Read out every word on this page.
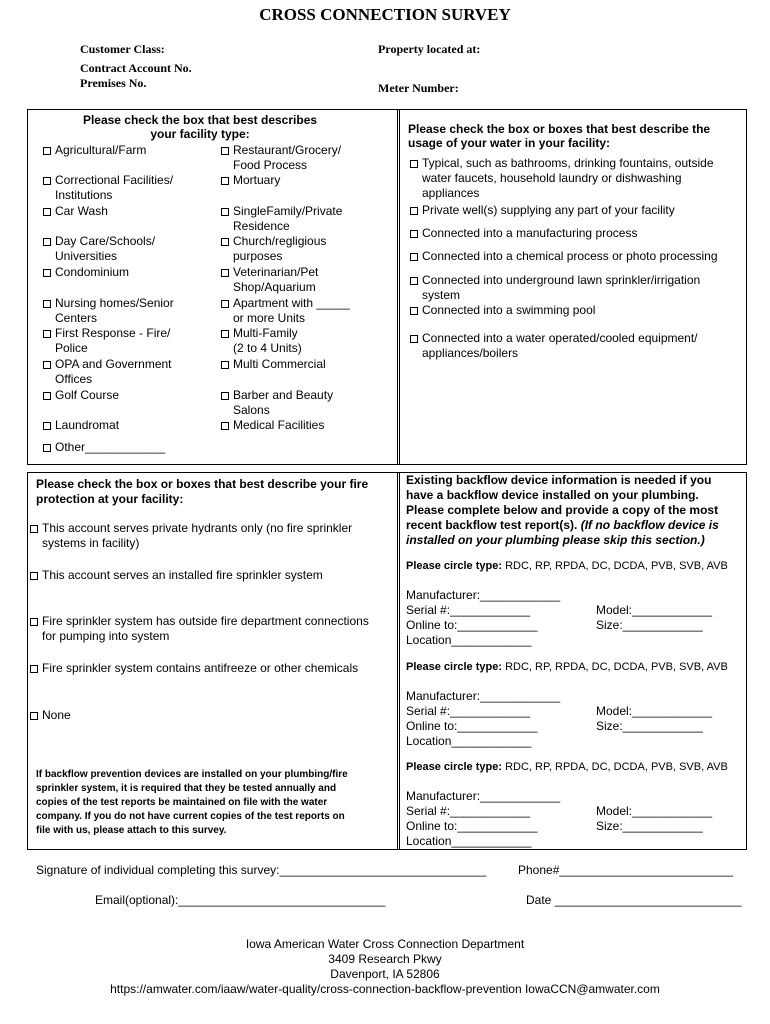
CROSS CONNECTION SURVEY
Customer Class:
Contract Account No.
Premises No.
Property located at:
Meter Number:
Please check the box that best describes
your facility type:	Please check the box or boxes that best describe the
usage of your water in your facility:
Please check the box or boxes that best describe your fire
protection at your facility:
If backflow prevention devices are installed on your plumbing/fire
sprinkler system, it is required that they be tested annually and
copies of the test reports be maintained on file with the water
company. If you do not have current copies of the test reports on
file with us, please attach to this survey.
Existing backflow device information is needed if you
have a backflow device installed on your plumbing.
Please complete below and provide a copy of the most
recent backflow test report(s). (If no backflow device is
installed on your plumbing please skip this section.)
Signature of individual completing this survey:_______________________________	Phone#__________________________
Email(optional):_______________________________	Date ____________________________
Iowa American Water Cross Connection Department
3409 Research Pkwy
Davenport, IA 52806
https://amwater.com/iaaw/water-quality/cross-connection-backflow-prevention IowaCCN@amwater.com
Agricultural/Farm
Correctional Facilities/
Institutions
Car Wash
Day Care/Schools/
Universities
Condominium
Nursing homes/Senior
Centers
First Response - Fire/
Police
OPA and Government
Offices
Golf Course
Laundromat
Other____________
Restaurant/Grocery/
Food Process
Mortuary
SingleFamily/Private
Residence
Church/regligious
purposes
Veterinarian/Pet
Shop/Aquarium
Apartment with _____
or more Units
Multi-Family
(2 to 4 Units)
Multi Commercial
Barber and Beauty
Salons
Medical Facilities
Typical, such as bathrooms, drinking fountains, outside
water faucets, household laundry or dishwashing
appliances
Private well(s) supplying any part of your facility
Connected into a manufacturing process
Connected into a chemical process or photo processing
Connected into underground lawn sprinkler/irrigation
system
Connected into a swimming pool
Connected into a water operated/cooled equipment/
appliances/boilers
This account serves private hydrants only (no fire sprinkler
systems in facility)
This account serves an installed fire sprinkler system
Fire sprinkler system has outside fire department connections
for pumping into system
Fire sprinkler system contains antifreeze or other chemicals
None
Please circle type: RDC, RP, RPDA, DC, DCDA, PVB, SVB, AVB
Manufacturer:____________
Serial #:____________	Model:____________
Online to:____________	Size:____________
Location____________
Please circle type: RDC, RP, RPDA, DC, DCDA, PVB, SVB, AVB
Manufacturer:____________
Serial #:____________	Model:____________
Online to:____________	Size:____________
Location____________
Please circle type: RDC, RP, RPDA, DC, DCDA, PVB, SVB, AVB
Manufacturer:____________
Serial #:____________	Model:____________
Online to:____________	Size:____________
Location____________
